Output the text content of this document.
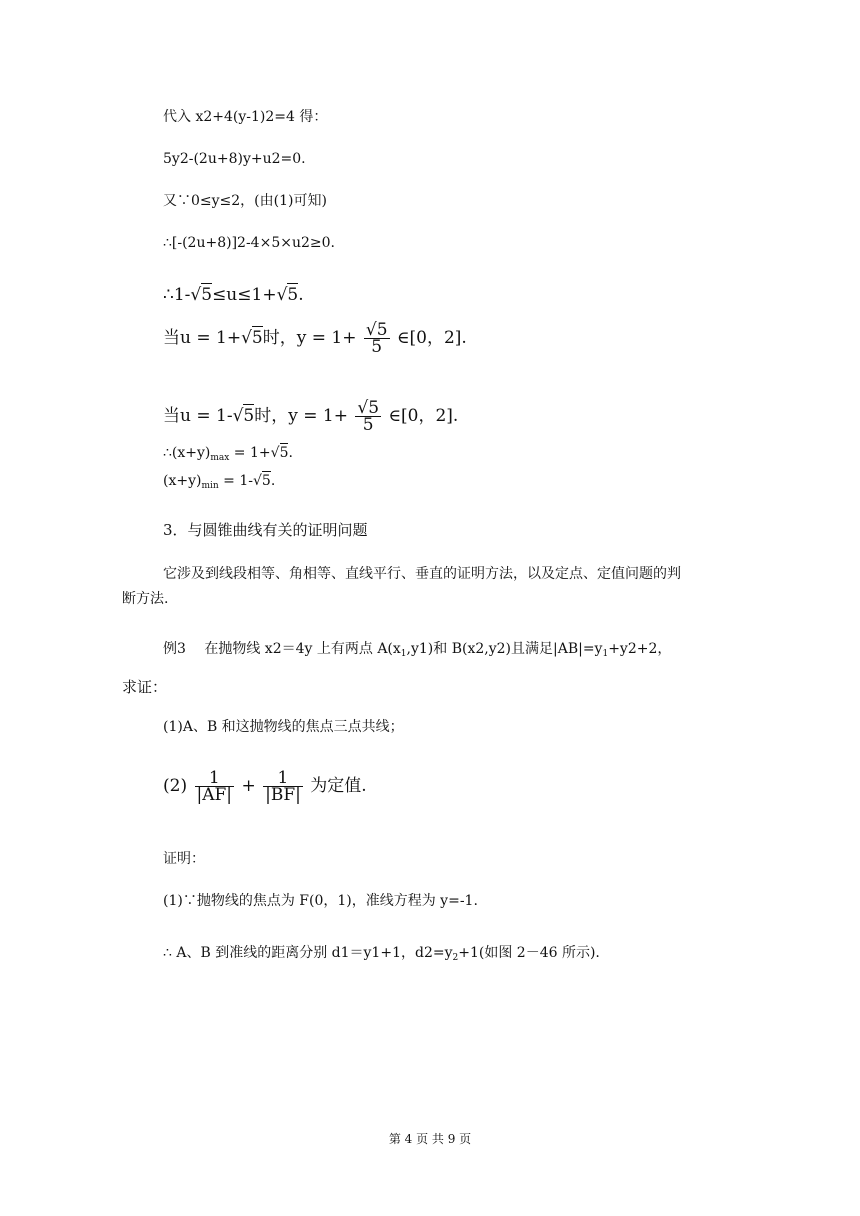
代入 x2+4(y-1)2=4 得：
5y2-(2u+8)y+u2=0.
又∵0≤y≤2，(由(1)可知)
∴[-(2u+8)]2-4×5×u2≥0.
∴1-√5≤u≤1+√5.
当u = 1+√5时，$y = 1+ \frac{√5}{5}$ ∈[0，2].
当u = 1-√5时，$y = 1+ \frac{√5}{5}$ ∈[0，2].
$\therefore(x+y)_{max} = 1+√5$.
$(x+y)_{min} = 1-√5$.
3．与圆锥曲线有关的证明问题
它涉及到线段相等、角相等、直线平行、垂直的证明方法，以及定点、定值问题的判
断方法.
例3　 在抛物线 x2＝4y 上有两点 $A(x_1,y1)$和 B(x2,y2)且满足$|AB|=y_1+y2+2$，
求证：
(1)A、B 和这抛物线的焦点三点共线；
$(2) \frac{1}{|AF|} + \frac{1}{|BF|}$ 为定值.
证明：
(1)∵抛物线的焦点为 F(0，1)，准线方程为 y=-1.
∴ A、B 到准线的距离分别 d1＝y1+1，$d2=y_2+1$(如图 2－46 所示).
第 4 页 共 9 页
